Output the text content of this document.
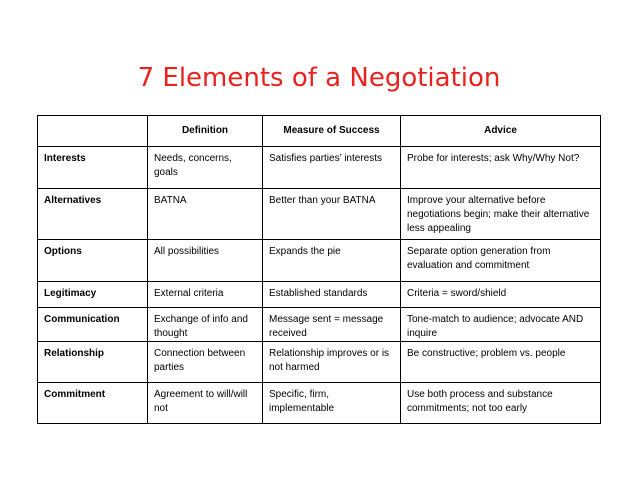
7 Elements of a Negotiation
	Definition	Measure of Success	Advice
Interests	Needs, concerns, goals	Satisfies parties’ interests	Probe for interests; ask Why/Why Not?
Alternatives	BATNA	Better than your BATNA	Improve your alternative before negotiations begin; make their alternative less appealing
Options	All possibilities	Expands the pie	Separate option generation from evaluation and commitment
Legitimacy	External criteria	Established standards	Criteria = sword/shield
Communication	Exchange of info and thought	Message sent = message received	Tone-match to audience; advocate AND inquire
Relationship	Connection between parties	Relationship improves or is not harmed	Be constructive; problem vs. people
Commitment	Agreement to will/will not	Specific, firm, implementable	Use both process and substance commitments; not too early
